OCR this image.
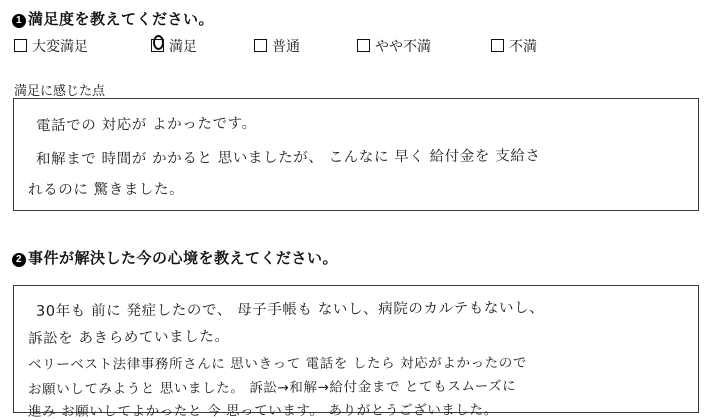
1 満足度を教えてください。
大変満足	満足	普通	やや不満	不満
満足に感じた点
電話での 対応が よかったです。
和解まで 時間が かかると 思いましたが、 こんなに 早く 給付金を 支給さ
れるのに 驚きました。
2 事件が解決した今の心境を教えてください。
30年も 前に 発症したので、 母子手帳も ないし、病院のカルテもないし、
訴訟を あきらめていました。
ベリーベスト法律事務所さんに 思いきって 電話を したら 対応がよかったので
お願いしてみようと 思いました。 訴訟→和解→給付金まで とてもスムーズに
進み お願いしてよかったと 今 思っています。 ありがとうございました。
